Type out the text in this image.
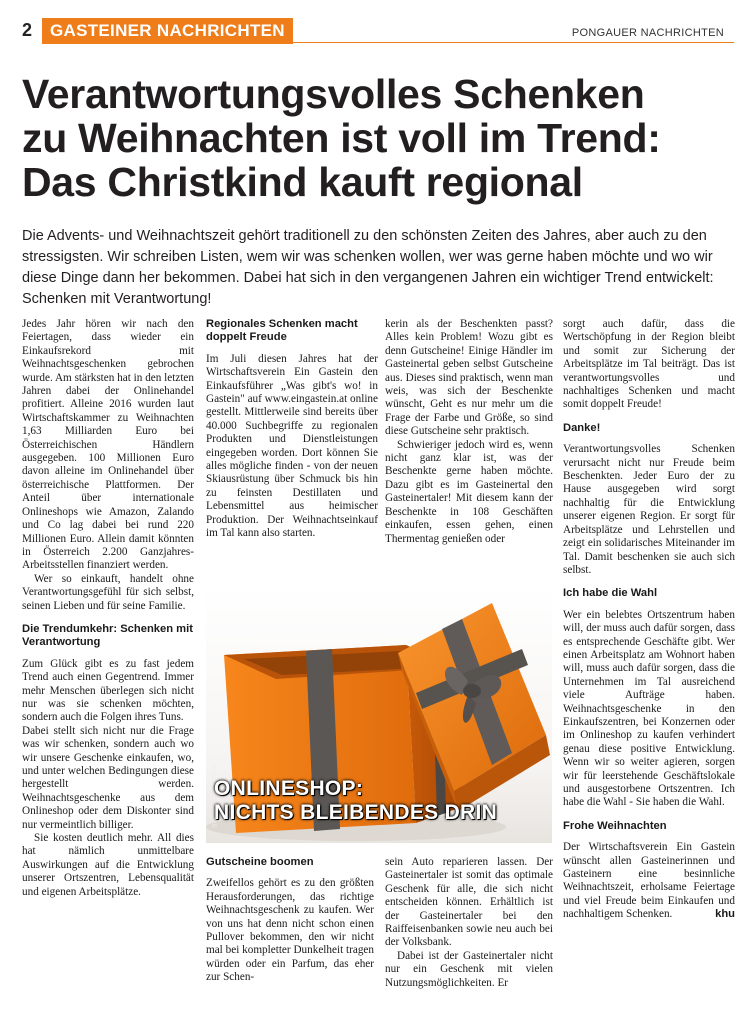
2	GASTEINER NACHRICHTEN	PONGAUER NACHRICHTEN
Verantwortungsvolles Schenken
zu Weihnachten ist voll im Trend:
Das Christkind kauft regional

Die Advents- und Weihnachtszeit gehört traditionell zu den schönsten Zeiten des Jahres, aber auch zu den stressigsten. Wir schreiben Listen, wem wir was schenken wollen, wer was gerne haben möchte und wo wir diese Dinge dann her bekommen. Dabei hat sich in den vergangenen Jahren ein wichtiger Trend entwickelt: Schenken mit Verantwortung!

Jedes Jahr hören wir nach den Feiertagen, dass wieder ein Einkaufsrekord mit Weihnachtsgeschenken gebrochen wurde. Am stärksten hat in den letzten Jahren dabei der Onlinehandel profitiert. Alleine 2016 wurden laut Wirtschaftskammer zu Weihnachten 1,63 Milliarden Euro bei Österreichischen Händlern ausgegeben. 100 Millionen Euro davon alleine im Onlinehandel über österreichische Plattformen. Der Anteil über internationale Onlineshops wie Amazon, Zalando und Co lag dabei bei rund 220 Millionen Euro. Allein damit könnten in Österreich 2.200 Ganzjahres-Arbeitsstellen finanziert werden.

Wer so einkauft, handelt ohne Verantwortungsgefühl für sich selbst, seinen Lieben und für seine Familie.

Die Trendumkehr: Schenken mit Verantwortung

Zum Glück gibt es zu fast jedem Trend auch einen Gegentrend. Immer mehr Menschen überlegen sich nicht nur was sie schenken möchten, sondern auch die Folgen ihres Tuns.

Dabei stellt sich nicht nur die Frage was wir schenken, sondern auch wo wir unsere Geschenke einkaufen, wo, und unter welchen Bedingungen diese hergestellt werden. Weihnachtsgeschenke aus dem Onlineshop oder dem Diskonter sind nur vermeintlich billiger.

Sie kosten deutlich mehr. All dies hat nämlich unmittelbare Auswirkungen auf die Entwicklung unserer Ortszentren, Lebensqualität und eigenen Arbeitsplätze.

Regionales Schenken macht doppelt Freude

Im Juli diesen Jahres hat der Wirtschaftsverein Ein Gastein den Einkaufsführer „Was gibt's wo! in Gastein" auf www.eingastein.at online gestellt. Mittlerweile sind bereits über 40.000 Suchbegriffe zu regionalen Produkten und Dienstleistungen eingegeben worden. Dort können Sie alles mögliche finden - von der neuen Skiausrüstung über Schmuck bis hin zu feinsten Destillaten und Lebensmittel aus heimischer Produktion. Der Weihnachtseinkauf im Tal kann also starten.

kerin als der Beschenkten passt? Alles kein Problem! Wozu gibt es denn Gutscheine! Einige Händler im Gasteinertal geben selbst Gutscheine aus. Dieses sind praktisch, wenn man weis, was sich der Beschenkte wünscht, Geht es nur mehr um die Frage der Farbe und Größe, so sind diese Gutscheine sehr praktisch.

Schwieriger jedoch wird es, wenn nicht ganz klar ist, was der Beschenkte gerne haben möchte. Dazu gibt es im Gasteinertal den Gasteinertaler! Mit diesem kann der Beschenkte in 108 Geschäften einkaufen, essen gehen, einen Thermentag genießen oder

BILD: EIN GASTEIN
ONLINESHOP:
NICHTS BLEIBENDES DRIN
Gutscheine boomen

Zweifellos gehört es zu den größten Herausforderungen, das richtige Weihnachtsgeschenk zu kaufen. Wer von uns hat denn nicht schon einen Pullover bekommen, den wir nicht mal bei kompletter Dunkelheit tragen würden oder ein Parfum, das eher zur Schen-

sein Auto reparieren lassen. Der Gasteinertaler ist somit das optimale Geschenk für alle, die sich nicht entscheiden können. Erhältlich ist der Gasteinertaler bei den Raiffeisenbanken sowie neu auch bei der Volksbank.

Dabei ist der Gasteinertaler nicht nur ein Geschenk mit vielen Nutzungsmöglichkeiten. Er

sorgt auch dafür, dass die Wertschöpfung in der Region bleibt und somit zur Sicherung der Arbeitsplätze im Tal beiträgt. Das ist verantwortungsvolles und nachhaltiges Schenken und macht somit doppelt Freude!

Danke!

Verantwortungsvolles Schenken verursacht nicht nur Freude beim Beschenkten. Jeder Euro der zu Hause ausgegeben wird sorgt nachhaltig für die Entwicklung unserer eigenen Region. Er sorgt für Arbeitsplätze und Lehrstellen und zeigt ein solidarisches Miteinander im Tal. Damit beschenken sie auch sich selbst.

Ich habe die Wahl

Wer ein belebtes Ortszentrum haben will, der muss auch dafür sorgen, dass es entsprechende Geschäfte gibt. Wer einen Arbeitsplatz am Wohnort haben will, muss auch dafür sorgen, dass die Unternehmen im Tal ausreichend viele Aufträge haben. Weihnachtsgeschenke in den Einkaufszentren, bei Konzernen oder im Onlineshop zu kaufen verhindert genau diese positive Entwicklung. Wenn wir so weiter agieren, sorgen wir für leerstehende Geschäftslokale und ausgestorbene Ortszentren. Ich habe die Wahl - Sie haben die Wahl.

Frohe Weihnachten

Der Wirtschaftsverein Ein Gastein wünscht allen Gasteinerinnen und Gasteinern eine besinnliche Weihnachtszeit, erholsame Feiertage und viel Freude beim Einkaufen und nachhaltigem Schenken.	khu
